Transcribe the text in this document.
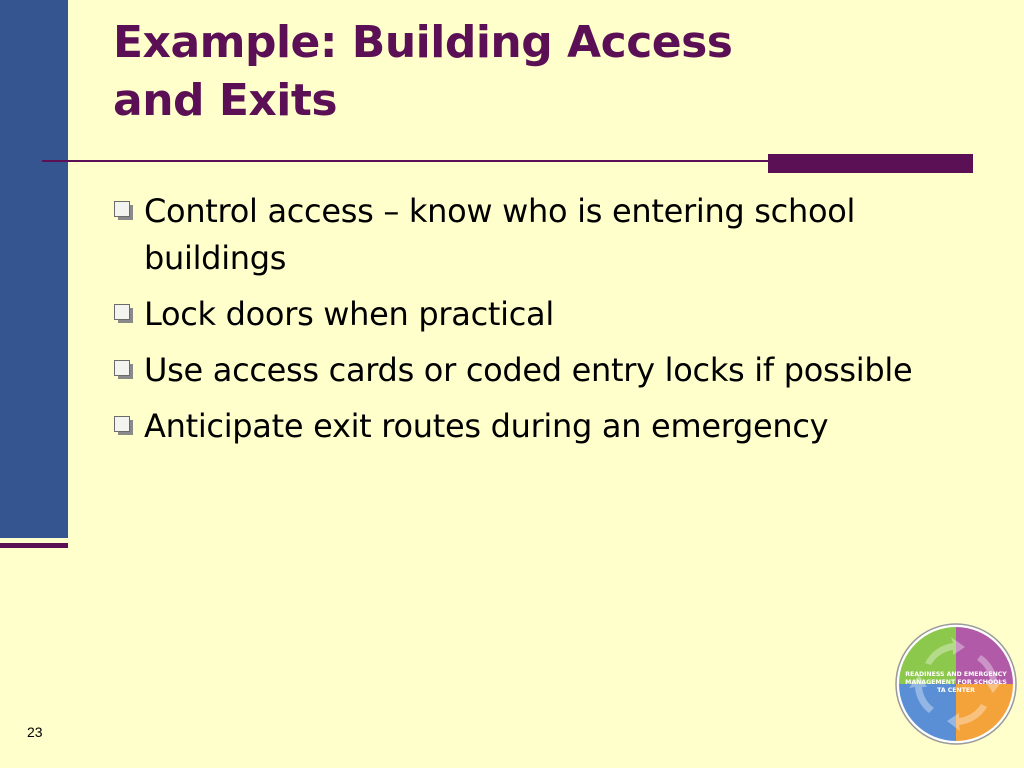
Example: Building Access
and Exits
Control access – know who is entering school buildings
Lock doors when practical
Use access cards or coded entry locks if possible
Anticipate exit routes during an emergency
23
READINESS AND EMERGENCY
MANAGEMENT FOR SCHOOLS
TA CENTER
